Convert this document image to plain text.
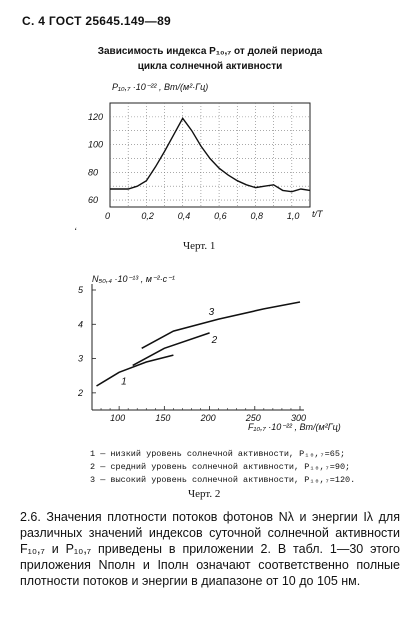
С. 4 ГОСТ 25645.149—89
Зависимость индекса P₁₀,₇ от долей периода
цикла солнечной активности
P₁₀,₇ ·10⁻²² , Вт/(м²·Гц)
t/T
120
100
80
60
0	0,2	0,4	0,6	0,8	1,0
ʻ
Черт. 1
N₅₀,₄ ·10⁻¹³ , м⁻²·с⁻¹
F₁₀,₇ ·10⁻²² , Вт/(м²Гц)
5
4
3
2
100	150	200	250	300
1
2
3
1 — низкий уровень солнечной активности, P₁₀,₇=65;
2 — средний уровень солнечной активности, P₁₀,₇=90;
3 — высокий уровень солнечной активности, P₁₀,₇=120.
Черт. 2
2.6. Значения плотности потоков фотонов Nλ и энергии Iλ для различных значений индексов суточной солнечной активности F₁₀,₇ и P₁₀,₇ приведены в приложении 2. В табл. 1—30 этого приложения Nполн и Iполн означают соответственно полные плотности потоков и энергии в диапазоне от 10 до 105 нм.
